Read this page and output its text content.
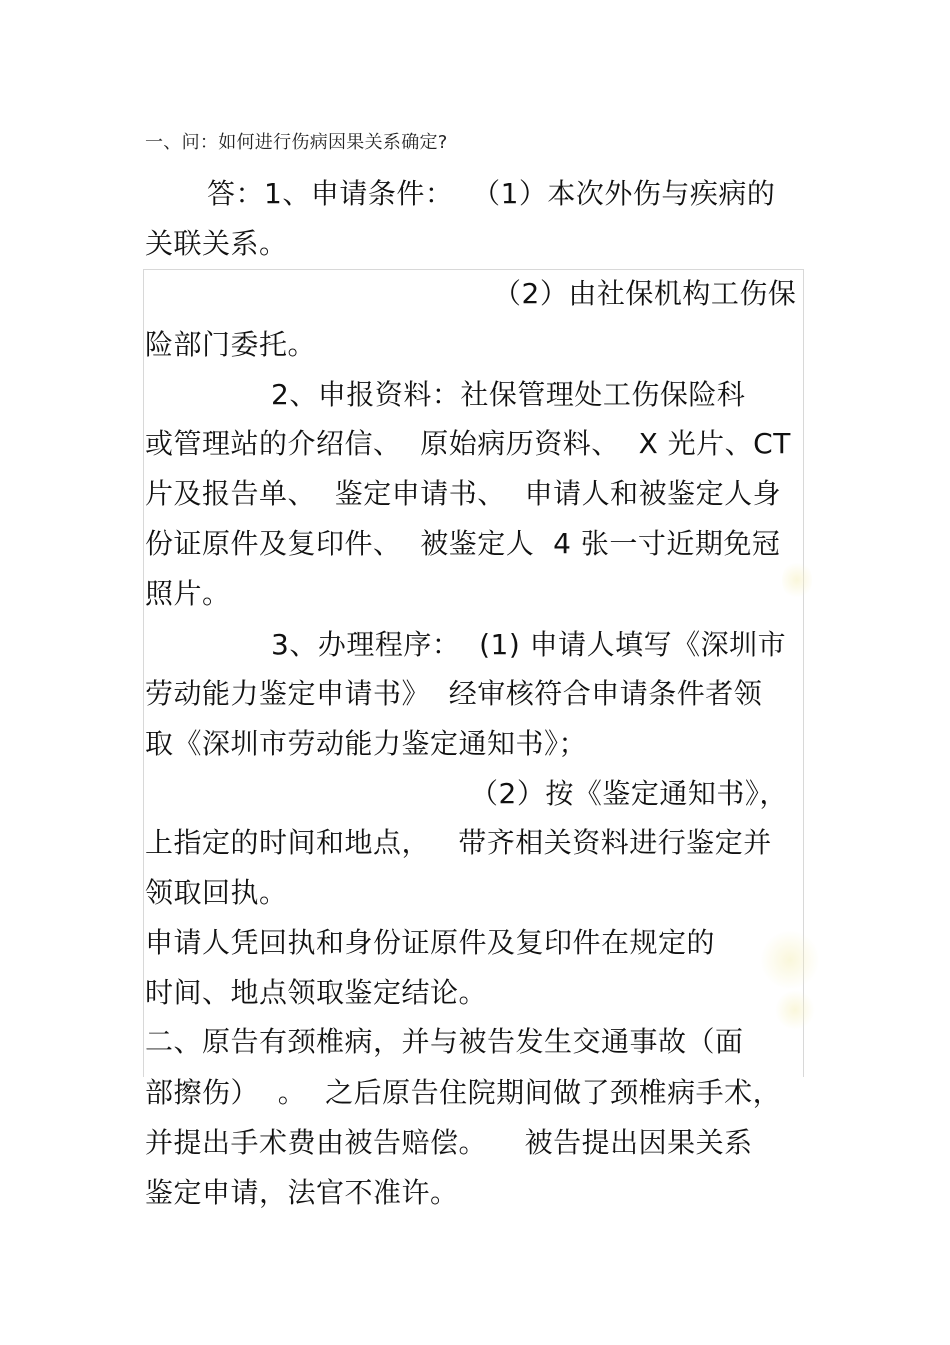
一、问：如何进行伤病因果关系确定?
答：1、申请条件：  （1）本次外伤与疾病的
关联关系。
（2）由社保机构工伤保
险部门委托。
2、申报资料：社保管理处工伤保险科
或管理站的介绍信、  原始病历资料、  X 光片、CT
片及报告单、  鉴定申请书、  申请人和被鉴定人身
份证原件及复印件、  被鉴定人  4 张一寸近期免冠
照片。
3、办理程序：  (1) 申请人填写《深圳市
劳动能力鉴定申请书》  经审核符合申请条件者领
取《深圳市劳动能力鉴定通知书》；
（2）按《鉴定通知书》，
上指定的时间和地点，   带齐相关资料进行鉴定并
领取回执。
申请人凭回执和身份证原件及复印件在规定的
时间、地点领取鉴定结论。
二、原告有颈椎病，并与被告发生交通事故（面
部擦伤）  。  之后原告住院期间做了颈椎病手术，
并提出手术费由被告赔偿。    被告提出因果关系
鉴定申请，法官不准许。
